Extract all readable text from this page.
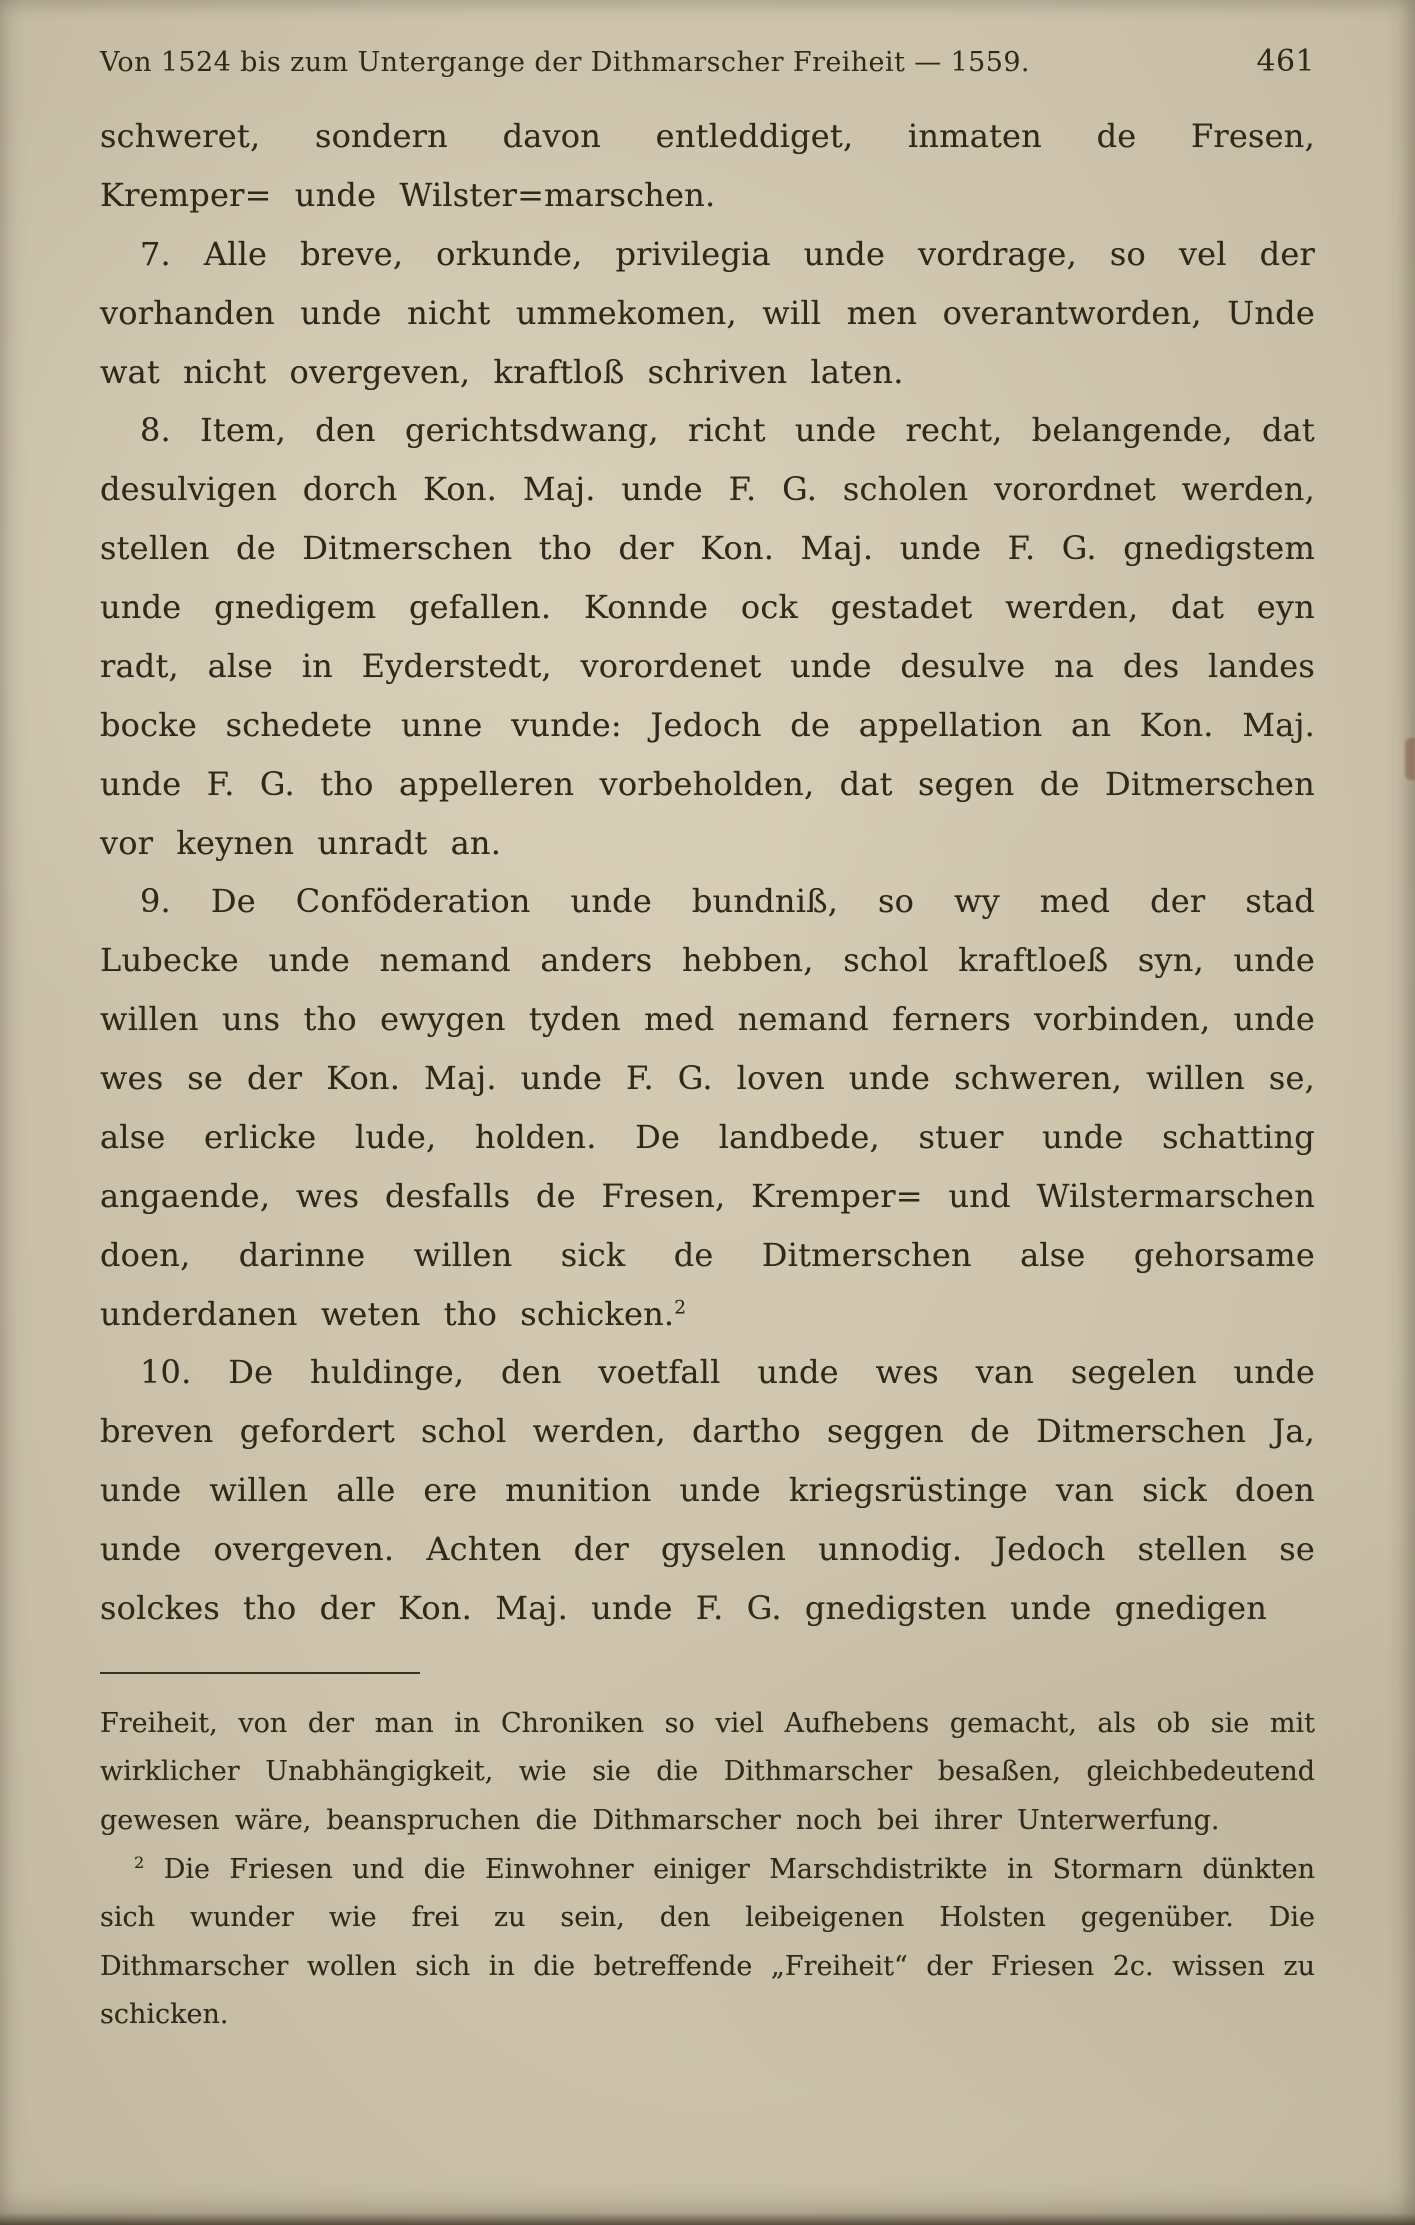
Von 1524 bis zum Untergange der Dithmarscher Freiheit — 1559.	461

schweret, sondern davon entleddiget, inmaten de Fresen, Kremper= unde Wilster=marschen.

7. Alle breve, orkunde, privilegia unde vordrage, so vel der vorhanden unde nicht ummekomen, will men overantworden, Unde wat nicht overgeven, kraftloß schriven laten.

8. Item, den gerichtsdwang, richt unde recht, belangende, dat desulvigen dorch Kon. Maj. unde F. G. scholen vorordnet werden, stellen de Ditmerschen tho der Kon. Maj. unde F. G. gnedigstem unde gnedigem gefallen. Konnde ock gestadet werden, dat eyn radt, alse in Eyderstedt, vorordenet unde desulve na des landes bocke schedete unne vunde: Jedoch de appellation an Kon. Maj. unde F. G. tho appelleren vorbeholden, dat segen de Ditmerschen vor keynen unradt an.

9. De Conföderation unde bundniß, so wy med der stad Lubecke unde nemand anders hebben, schol kraftloeß syn, unde willen uns tho ewygen tyden med nemand ferners vorbinden, unde wes se der Kon. Maj. unde F. G. loven unde schweren, willen se, alse erlicke lude, holden. De landbede, stuer unde schatting angaende, wes desfalls de Fresen, Kremper= und Wilstermarschen doen, darinne willen sick de Ditmerschen alse gehorsame underdanen weten tho schicken.$^2$

10. De huldinge, den voetfall unde wes van segelen unde breven gefordert schol werden, dartho seggen de Ditmerschen Ja, unde willen alle ere munition unde kriegsrüstinge van sick doen unde overgeven. Achten der gyselen unnodig. Jedoch stellen se solckes tho der Kon. Maj. unde F. G. gnedigsten unde gnedigen

Freiheit, von der man in Chroniken so viel Aufhebens gemacht, als ob sie mit wirklicher Unabhängigkeit, wie sie die Dithmarscher besaßen, gleichbedeutend gewesen wäre, beanspruchen die Dithmarscher noch bei ihrer Unterwerfung.

$^2$ Die Friesen und die Einwohner einiger Marschdistrikte in Stormarn dünkten sich wunder wie frei zu sein, den leibeigenen Holsten gegenüber. Die Dithmarscher wollen sich in die betreffende „Freiheit“ der Friesen 2c. wissen zu schicken.
